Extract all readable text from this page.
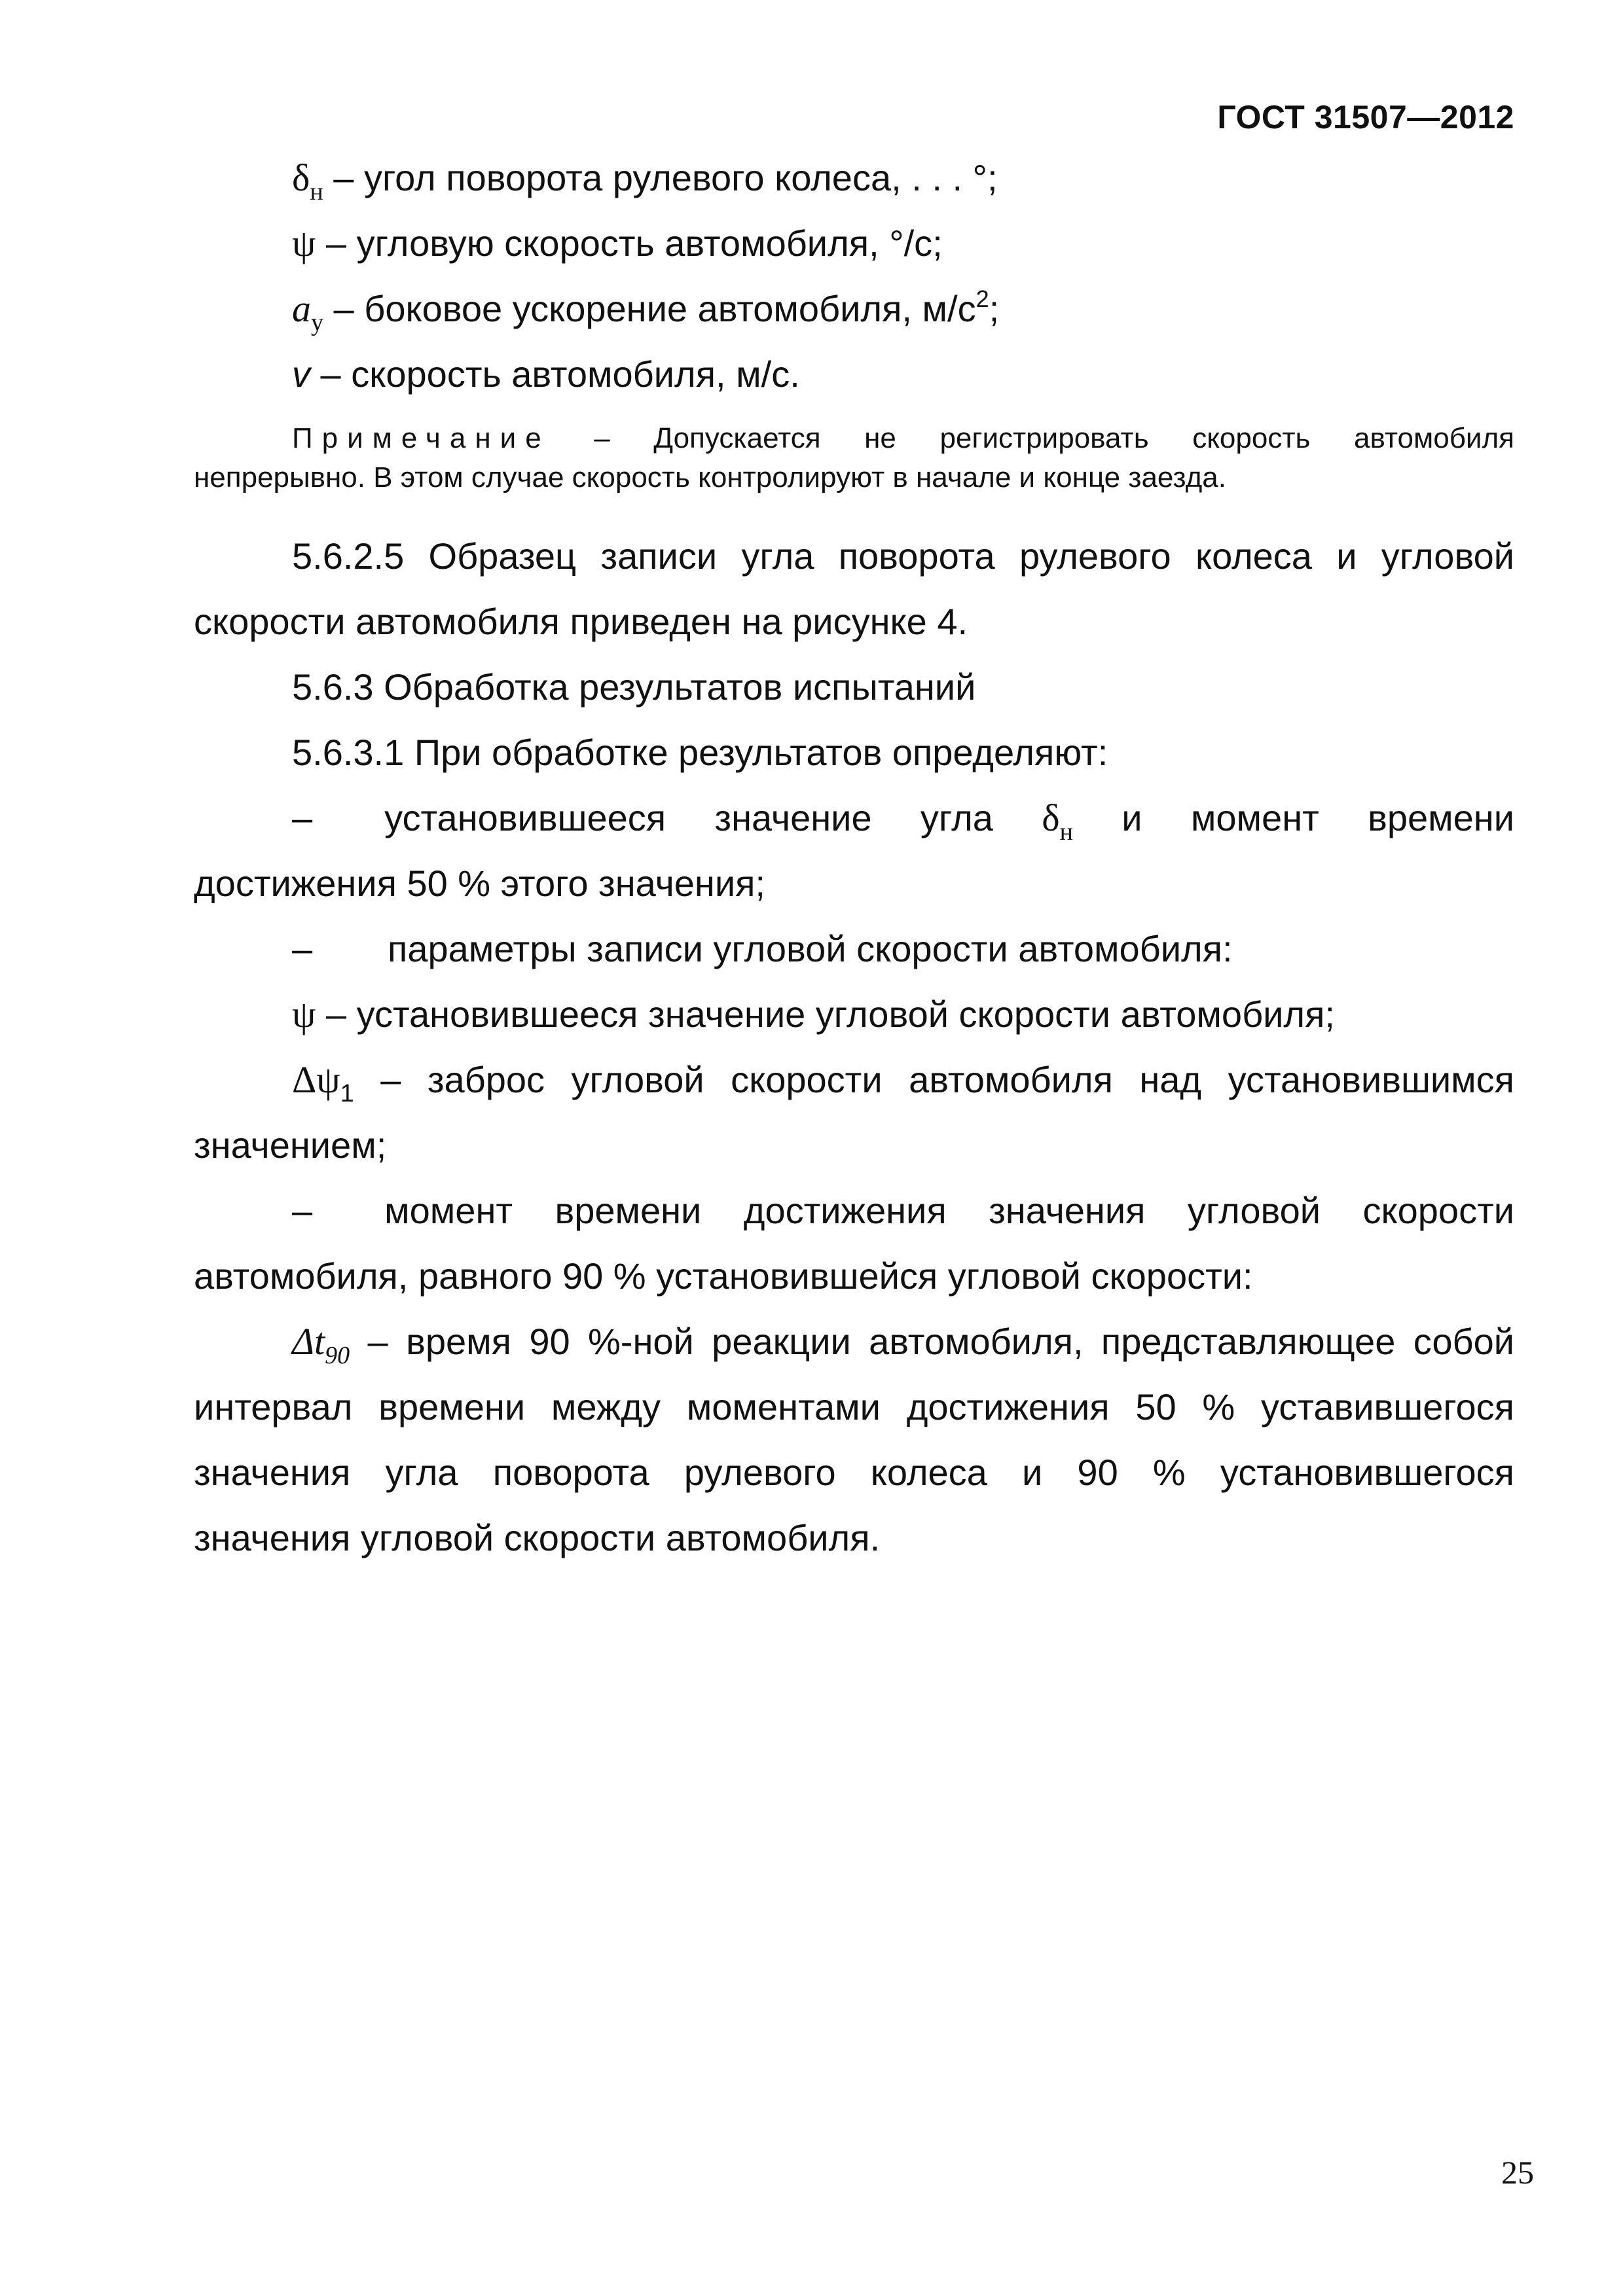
ГОСТ 31507—2012
$\delta_н$ – угол поворота рулевого колеса, . . . °;
ψ – угловую скорость автомобиля, °/с;
$a_y$ – боковое ускорение автомобиля, $м/с^2$;
v – скорость автомобиля, м/с.
Примечание – Допускается не регистрировать скорость автомобиля
непрерывно. В этом случае скорость контролируют в начале и конце заезда.
5.6.2.5 Образец записи угла поворота рулевого колеса и угловой
скорости автомобиля приведен на рисунке 4.
5.6.3 Обработка результатов испытаний
5.6.3.1 При обработке результатов определяют:
– установившееся значение угла $\delta_н$ и момент времени
достижения 50 % этого значения;
– параметры записи угловой скорости автомобиля:
ψ – установившееся значение угловой скорости автомобиля;
$\Delta\psi_1$ – заброс угловой скорости автомобиля над установившимся
значением;
– момент времени достижения значения угловой скорости
автомобиля, равного 90 % установившейся угловой скорости:
$\Delta t_{90}$ – время 90 %-ной реакции автомобиля, представляющее собой
интервал времени между моментами достижения 50 % уставившегося
значения угла поворота рулевого колеса и 90 % установившегося
значения угловой скорости автомобиля.
25
